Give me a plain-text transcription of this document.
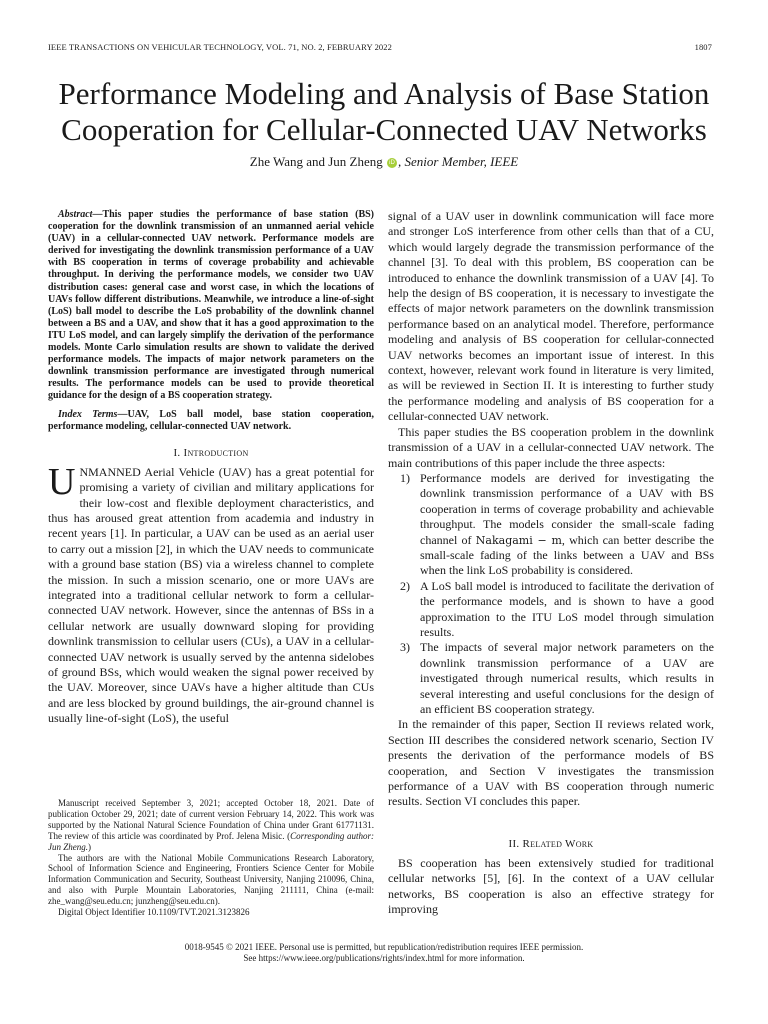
IEEE TRANSACTIONS ON VEHICULAR TECHNOLOGY, VOL. 71, NO. 2, FEBRUARY 2022	1807
Performance Modeling and Analysis of Base Station
Cooperation for Cellular-Connected UAV Networks
Zhe Wang and Jun Zheng iD , Senior Member, IEEE

Abstract—This paper studies the performance of base station (BS) cooperation for the downlink transmission of an unmanned aerial vehicle (UAV) in a cellular-connected UAV network. Performance models are derived for investigating the downlink transmission performance of a UAV with BS cooperation in terms of coverage probability and achievable throughput. In deriving the performance models, we consider two UAV distribution cases: general case and worst case, in which the locations of UAVs follow different distributions. Meanwhile, we introduce a line-of-sight (LoS) ball model to describe the LoS probability of the downlink channel between a BS and a UAV, and show that it has a good approximation to the ITU LoS model, and can largely simplify the derivation of the performance models. Monte Carlo simulation results are shown to validate the derived performance models. The impacts of major network parameters on the downlink transmission performance are investigated through numerical results. The performance models can be used to provide theoretical guidance for the design of a BS cooperation strategy.

Index Terms—UAV, LoS ball model, base station cooperation, performance modeling, cellular-connected UAV network.

I. Introduction

UNMANNED Aerial Vehicle (UAV) has a great potential for promising a variety of civilian and military applications for their low-cost and flexible deployment characteristics, and thus has aroused great attention from academia and industry in recent years [1]. In particular, a UAV can be used as an aerial user to carry out a mission [2], in which the UAV needs to communicate with a ground base station (BS) via a wireless channel to complete the mission. In such a mission scenario, one or more UAVs are integrated into a traditional cellular network to form a cellular-connected UAV network. However, since the antennas of BSs in a cellular network are usually downward sloping for providing downlink transmission to cellular users (CUs), a UAV in a cellular-connected UAV network is usually served by the antenna sidelobes of ground BSs, which would weaken the signal power received by the UAV. Moreover, since UAVs have a higher altitude than CUs and are less blocked by ground buildings, the air-ground channel is usually line-of-sight (LoS), the useful

Manuscript received September 3, 2021; accepted October 18, 2021. Date of publication October 29, 2021; date of current version February 14, 2022. This work was supported by the National Natural Science Foundation of China under Grant 61771131. The review of this article was coordinated by Prof. Jelena Misic. (Corresponding author: Jun Zheng.)

The authors are with the National Mobile Communications Research Laboratory, School of Information Science and Engineering, Frontiers Science Center for Mobile Information Communication and Security, Southeast University, Nanjing 210096, China, and also with Purple Mountain Laboratories, Nanjing 211111, China (e-mail: zhe_wang@seu.edu.cn; junzheng@seu.edu.cn).

Digital Object Identifier 10.1109/TVT.2021.3123826

signal of a UAV user in downlink communication will face more and stronger LoS interference from other cells than that of a CU, which would largely degrade the transmission performance of the channel [3]. To deal with this problem, BS cooperation can be introduced to enhance the downlink transmission of a UAV [4]. To help the design of BS cooperation, it is necessary to investigate the effects of major network parameters on the downlink transmission performance based on an analytical model. Therefore, performance modeling and analysis of BS cooperation for cellular-connected UAV networks becomes an important issue of interest. In this context, however, relevant work found in literature is very limited, as will be reviewed in Section II. It is interesting to further study the performance modeling and analysis of BS cooperation for a cellular-connected UAV network.

This paper studies the BS cooperation problem in the downlink transmission of a UAV in a cellular-connected UAV network. The main contributions of this paper include the three aspects:

1) Performance models are derived for investigating the downlink transmission performance of a UAV with BS cooperation in terms of coverage probability and achievable throughput. The models consider the small-scale fading channel of Nakagami − m, which can better describe the small-scale fading of the links between a UAV and BSs when the link LoS probability is considered.
2) A LoS ball model is introduced to facilitate the derivation of the performance models, and is shown to have a good approximation to the ITU LoS model through simulation results.
3) The impacts of several major network parameters on the downlink transmission performance of a UAV are investigated through numerical results, which results in several interesting and useful conclusions for the design of an efficient BS cooperation strategy.

In the remainder of this paper, Section II reviews related work, Section III describes the considered network scenario, Section IV presents the derivation of the performance models of BS cooperation, and Section V investigates the transmission performance of a UAV with BS cooperation through numeric results. Section VI concludes this paper.

II. Related Work

BS cooperation has been extensively studied for traditional cellular networks [5], [6]. In the context of a UAV cellular networks, BS cooperation is also an effective strategy for improving

0018-9545 © 2021 IEEE. Personal use is permitted, but republication/redistribution requires IEEE permission.

See https://www.ieee.org/publications/rights/index.html for more information.
